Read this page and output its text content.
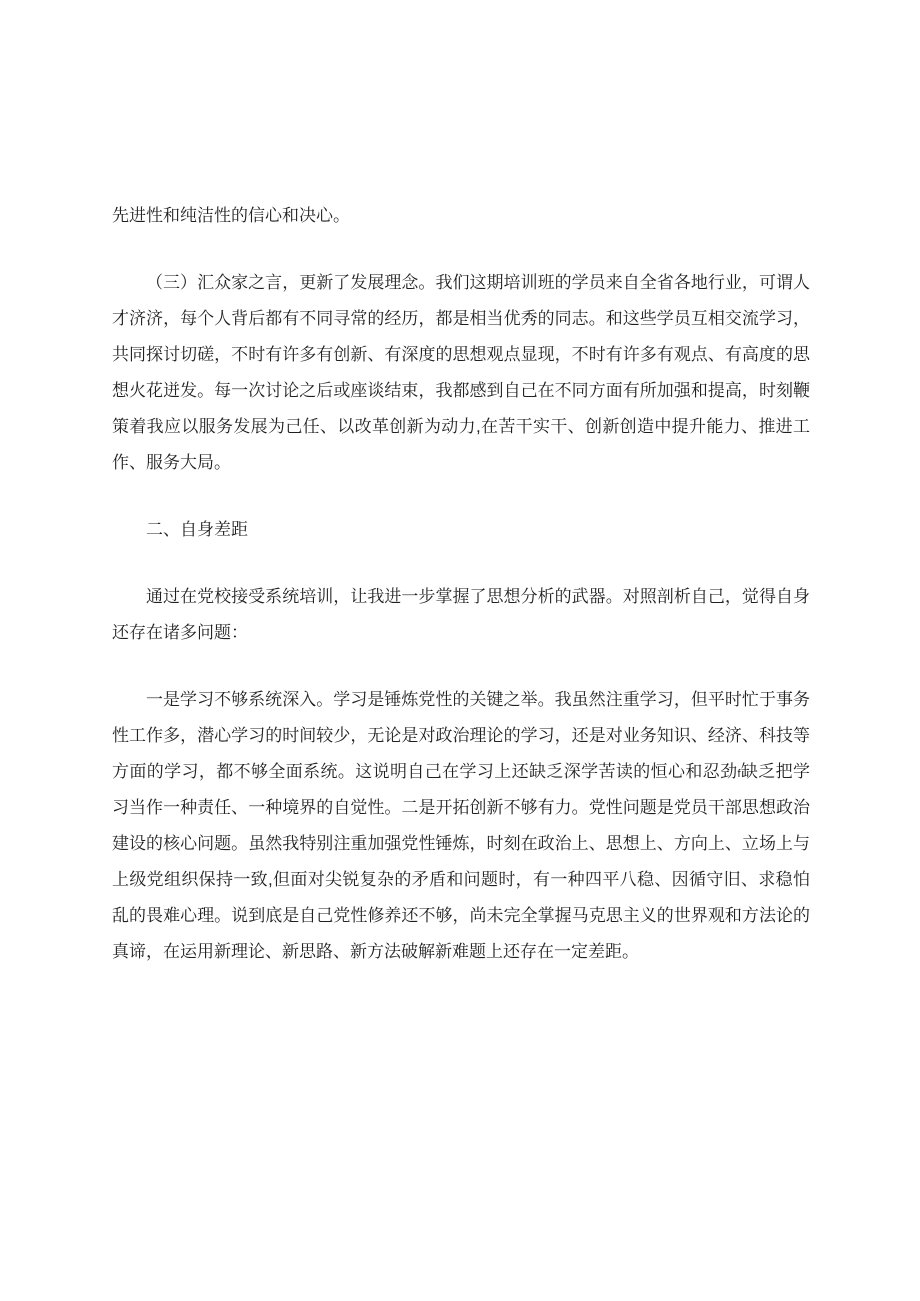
先进性和纯洁性的信心和决心。

（三）汇众家之言，更新了发展理念。我们这期培训班的学员来自全省各地行业，可谓人才济济，每个人背后都有不同寻常的经历，都是相当优秀的同志。和这些学员互相交流学习，共同探讨切磋，不时有许多有创新、有深度的思想观点显现，不时有许多有观点、有高度的思想火花迸发。每一次讨论之后或座谈结束，我都感到自己在不同方面有所加强和提高，时刻鞭策着我应以服务发展为己任、以改革创新为动力,在苦干实干、创新创造中提升能力、推进工作、服务大局。

二、自身差距

通过在党校接受系统培训，让我进一步掌握了思想分析的武器。对照剖析自己，觉得自身还存在诸多问题：

一是学习不够系统深入。学习是锤炼党性的关键之举。我虽然注重学习，但平时忙于事务性工作多，潜心学习的时间较少，无论是对政治理论的学习，还是对业务知识、经济、科技等方面的学习，都不够全面系统。这说明自己在学习上还缺乏深学苦读的恒心和忍劲f缺乏把学习当作一种责任、一种境界的自觉性。二是开拓创新不够有力。党性问题是党员干部思想政治建设的核心问题。虽然我特别注重加强党性锤炼，时刻在政治上、思想上、方向上、立场上与上级党组织保持一致,但面对尖锐复杂的矛盾和问题时，有一种四平八稳、因循守旧、求稳怕乱的畏难心理。说到底是自己党性修养还不够，尚未完全掌握马克思主义的世界观和方法论的真谛，在运用新理论、新思路、新方法破解新难题上还存在一定差距。
